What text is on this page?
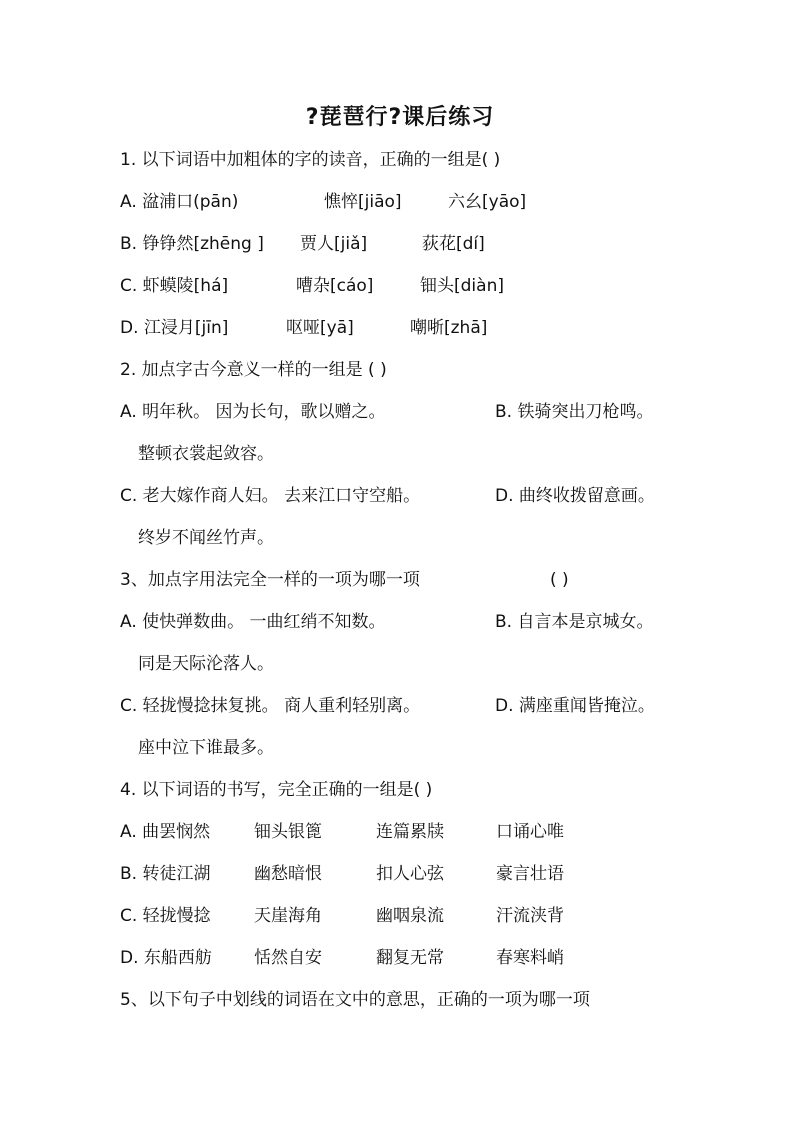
?琵琶行?课后练习
1. 以下词语中加粗体的字的读音，正确的一组是( )
A. 湓浦口(pān)	憔悴[jiāo]	六幺[yāo]
B. 铮铮然[zhēng ] 贾人[jiǎ]	荻花[dí]
C. 虾蟆陵[há]	嘈杂[cáo]	钿头[diàn]
D. 江浸月[jīn]	呕哑[yā]	嘲哳[zhā]
2. 加点字古今意义一样的一组是 ( )
A. 明年秋。 因为长句，歌以赠之。	B. 铁骑突出刀枪鸣。
整顿衣裳起敛容。
C. 老大嫁作商人妇。 去来江口守空船。	D. 曲终收拨留意画。
终岁不闻丝竹声。
3、加点字用法完全一样的一项为哪一项	( )
A. 使快弹数曲。 一曲红绡不知数。	B. 自言本是京城女。
同是天际沦落人。
C. 轻拢慢捻抹复挑。 商人重利轻别离。	D. 满座重闻皆掩泣。
座中泣下谁最多。
4. 以下词语的书写，完全正确的一组是( )
A. 曲罢悯然	钿头银篦	连篇累牍	口诵心唯
B. 转徒江湖	幽愁暗恨	扣人心弦	豪言壮语
C. 轻拢慢捻	天崖海角	幽咽泉流	汗流浃背
D. 东船西舫 恬然自安	翻复无常	春寒料峭
5、以下句子中划线的词语在文中的意思，正确的一项为哪一项
